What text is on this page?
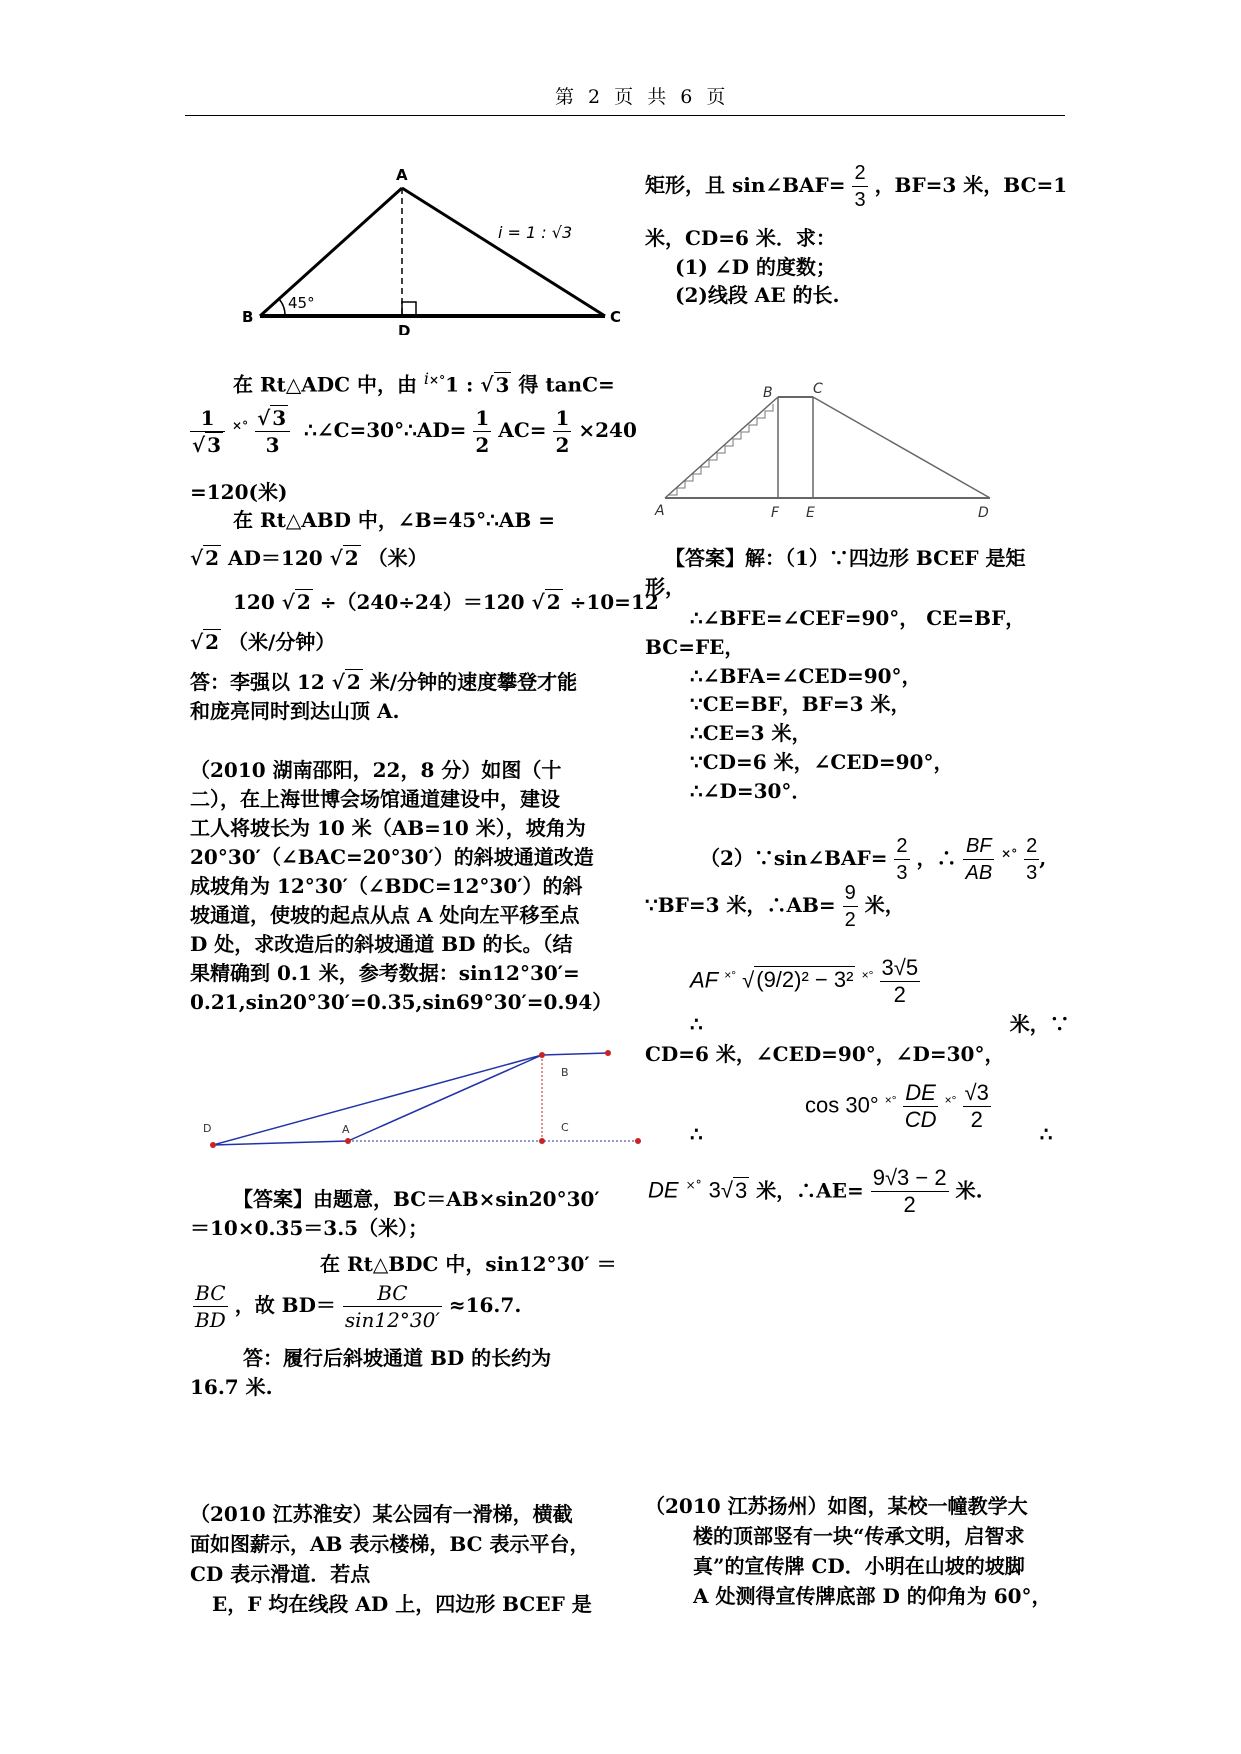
第 2 页 共 6 页
A
B	C
D
45°
i = 1 : √3
在 Rt△ADC 中，由 $^{i\times^\circ}$1 : √ 3 得 tanC=
$\frac{1}{√ 3} ^{\times^\circ} \frac{√ 3}{3}$ ∴∠C=30°∴AD= $\frac{1}{2} AC= \frac{1}{2} \times 240$
=120(米)
在 Rt△ABD 中，∠B=45°∴AB =
√ 2 AD＝120 √ 2 （米）
120 √ 2 ÷（240÷24）＝120 √ 2 ÷10=12
√ 2 （米/分钟）
答：李强以 12 √ 2 米/分钟的速度攀登才能
和庞亮同时到达山顶 A.
（2010 湖南邵阳，22，8 分）如图（十
二），在上海世博会场馆通道建设中，建设
工人将坡长为 10 米（AB=10 米），坡角为
20°30′（∠BAC=20°30′）的斜坡通道改造
成坡角为 12°30′（∠BDC=12°30′）的斜
坡通道，使坡的起点从点 A 处向左平移至点
D 处，求改造后的斜坡通道 BD 的长。（结
果精确到 0.1 米，参考数据：sin12°30′=
0.21,sin20°30′=0.35,sin69°30′=0.94）
D	A
B
C
【答案】由题意，BC＝AB×sin20°30′
＝10×0.35＝3.5（米）；
在 Rt△BDC 中，sin12°30′ ＝
$\frac{BC}{BD}$ ，故 $BD= \frac{BC}{\sin 12^\circ 30'} \approx 16.7$.
答：履行后斜坡通道 BD 的长约为
16.7 米.
（2010 江苏淮安）某公园有一滑梯，横截
面如图薪示，AB 表示楼梯，BC 表示平台，
CD 表示滑道．若点
E，F 均在线段 AD 上，四边形 BCEF 是
矩形，且 sin∠BAF= $\frac{2}{3}$ ，BF=3 米，BC=1
米，CD=6 米．求：
(1) ∠D 的度数；
(2)线段 AE 的长.
A
B	C
F E	D
【答案】解：（1）∵四边形 BCEF 是矩
形，
∴∠BFE=∠CEF=90°， CE=BF，
BC=FE，
∴∠BFA=∠CED=90°，
∵CE=BF，BF=3 米，
∴CE=3 米，
∵CD=6 米，∠CED=90°，
∴∠D=30°．
（2）∵sin∠BAF= $\frac{2}{3}$ ，∴ $\frac{BF}{AB} ^{\times^\circ} \frac{2}{3}$ ,
∵BF=3 米，∴AB= $\frac{9}{2}$ 米，
AF ×° √(9/2)² − 3² $^{\times^\circ} \frac{3√5}{2}$
∴	米，∵
CD=6 米，∠CED=90°，∠D=30°，
cos 30° $^{\times^\circ} \frac{DE}{CD} ^{\times^\circ} \frac{√3}{2}$
∴	∴
DE ×° 3√3 米，∴AE= $\frac{9√3 - 2}{2}$ 米.
（2010 江苏扬州）如图，某校一幢教学大
楼的顶部竖有一块“传承文明，启智求
真”的宣传牌 CD．小明在山坡的坡脚
A 处测得宣传牌底部 D 的仰角为 60°，
